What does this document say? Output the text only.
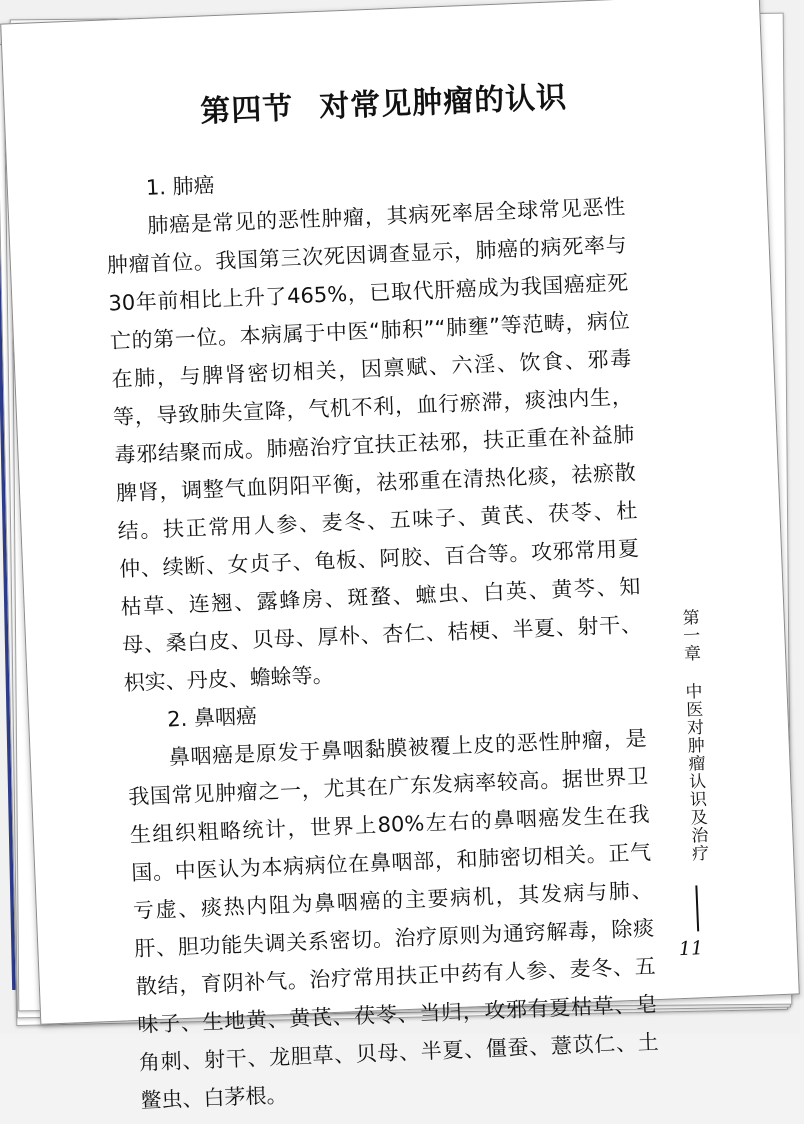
第四节 对常见肿瘤的认识
1. 肺癌

肺癌是常见的恶性肿瘤，其病死率居全球常见恶性肿瘤首位。我国第三次死因调查显示，肺癌的病死率与30年前相比上升了465%，已取代肝癌成为我国癌症死亡的第一位。本病属于中医“肺积”“肺壅”等范畴，病位在肺，与脾肾密切相关，因禀赋、六淫、饮食、邪毒等，导致肺失宣降，气机不利，血行瘀滞，痰浊内生，毒邪结聚而成。肺癌治疗宜扶正祛邪，扶正重在补益肺脾肾，调整气血阴阳平衡，祛邪重在清热化痰，祛瘀散结。扶正常用人参、麦冬、五味子、黄芪、茯苓、杜仲、续断、女贞子、龟板、阿胶、百合等。攻邪常用夏枯草、连翘、露蜂房、斑蝥、蟅虫、白英、黄芩、知母、桑白皮、贝母、厚朴、杏仁、桔梗、半夏、射干、枳实、丹皮、蟾蜍等。

2. 鼻咽癌

鼻咽癌是原发于鼻咽黏膜被覆上皮的恶性肿瘤，是我国常见肿瘤之一，尤其在广东发病率较高。据世界卫生组织粗略统计，世界上80%左右的鼻咽癌发生在我国。中医认为本病病位在鼻咽部，和肺密切相关。正气亏虚、痰热内阻为鼻咽癌的主要病机，其发病与肺、肝、胆功能失调关系密切。治疗原则为通窍解毒，除痰散结，育阴补气。治疗常用扶正中药有人参、麦冬、五味子、生地黄、黄芪、茯苓、当归，攻邪有夏枯草、皂角刺、射干、龙胆草、贝母、半夏、僵蚕、薏苡仁、土鳖虫、白茅根。

第一章中医对肿瘤认识及治疗
11
